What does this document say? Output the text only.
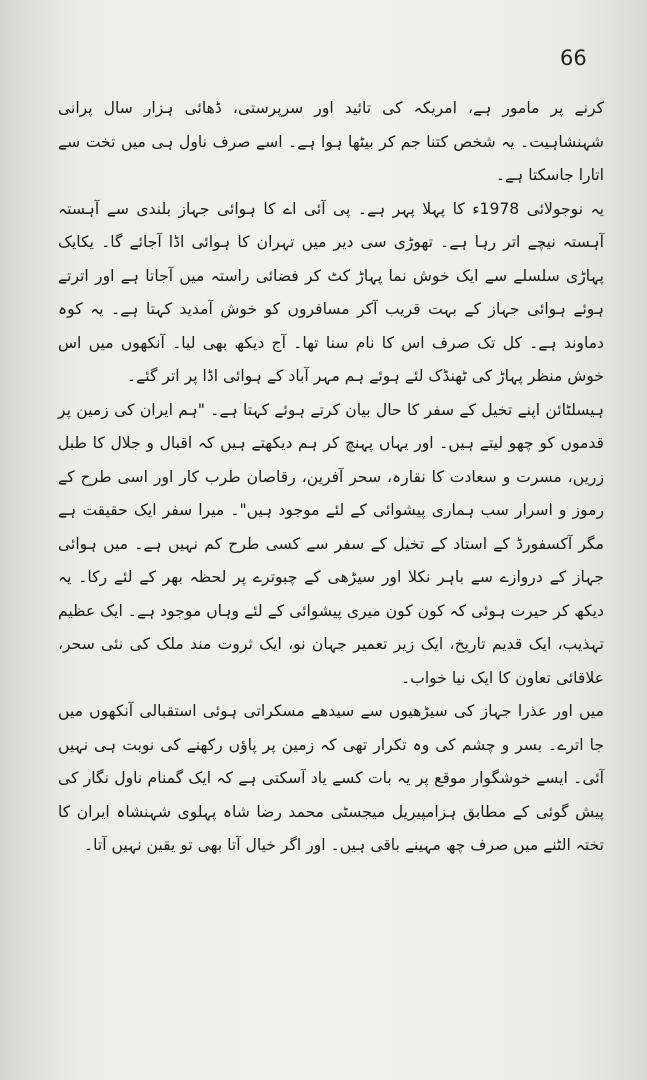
66

کرنے پر مامور ہے، امریکہ کی تائید اور سرپرستی، ڈھائی ہزار سال پرانی شہنشاہیت۔ یہ شخص کتنا جم کر بیٹھا ہوا ہے۔ اسے صرف ناول ہی میں تخت سے اتارا جاسکتا ہے۔

یہ نوجولائی 1978ء کا پہلا پہر ہے۔ پی آئی اے کا ہوائی جہاز بلندی سے آہستہ آہستہ نیچے اتر رہا ہے۔ تھوڑی سی دیر میں تہران کا ہوائی اڈا آجائے گا۔ یکایک پہاڑی سلسلے سے ایک خوش نما پہاڑ کٹ کر فضائی راستہ میں آجاتا ہے اور اترتے ہوئے ہوائی جہاز کے بہت قریب آکر مسافروں کو خوش آمدید کہتا ہے۔ یہ کوہ دماوند ہے۔ کل تک صرف اس کا نام سنا تھا۔ آج دیکھ بھی لیا۔ آنکھوں میں اس خوش منظر پہاڑ کی ٹھنڈک لئے ہوئے ہم مہر آباد کے ہوائی اڈا پر اتر گئے۔

ہیسلٹائن اپنے تخیل کے سفر کا حال بیان کرتے ہوئے کہتا ہے۔ "ہم ایران کی زمین پر قدموں کو چھو لیتے ہیں۔ اور یہاں پہنچ کر ہم دیکھتے ہیں کہ اقبال و جلال کا طبل زریں، مسرت و سعادت کا نقارہ، سحر آفرین، رقاصان طرب کار اور اسی طرح کے رموز و اسرار سب ہماری پیشوائی کے لئے موجود ہیں"۔ میرا سفر ایک حقیقت ہے مگر آکسفورڈ کے استاد کے تخیل کے سفر سے کسی طرح کم نہیں ہے۔ میں ہوائی جہاز کے دروازے سے باہر نکلا اور سیڑھی کے چبوترے پر لحظہ بھر کے لئے رکا۔ یہ دیکھ کر حیرت ہوئی کہ کون کون میری پیشوائی کے لئے وہاں موجود ہے۔ ایک عظیم تہذیب، ایک قدیم تاریخ، ایک زیر تعمیر جہان نو، ایک ثروت مند ملک کی نئی سحر، علاقائی تعاون کا ایک نیا خواب۔

میں اور عذرا جہاز کی سیڑھیوں سے سیدھے مسکراتی ہوئی استقبالی آنکھوں میں جا اترے۔ بسر و چشم کی وہ تکرار تھی کہ زمین پر پاؤں رکھنے کی نوبت ہی نہیں آئی۔ ایسے خوشگوار موقع پر یہ بات کسے یاد آسکتی ہے کہ ایک گمنام ناول نگار کی پیش گوئی کے مطابق ہزامپیریل میجسٹی محمد رضا شاہ پہلوی شہنشاہ ایران کا تختہ الٹنے میں صرف چھ مہینے باقی ہیں۔ اور اگر خیال آتا بھی تو یقین نہیں آتا۔
